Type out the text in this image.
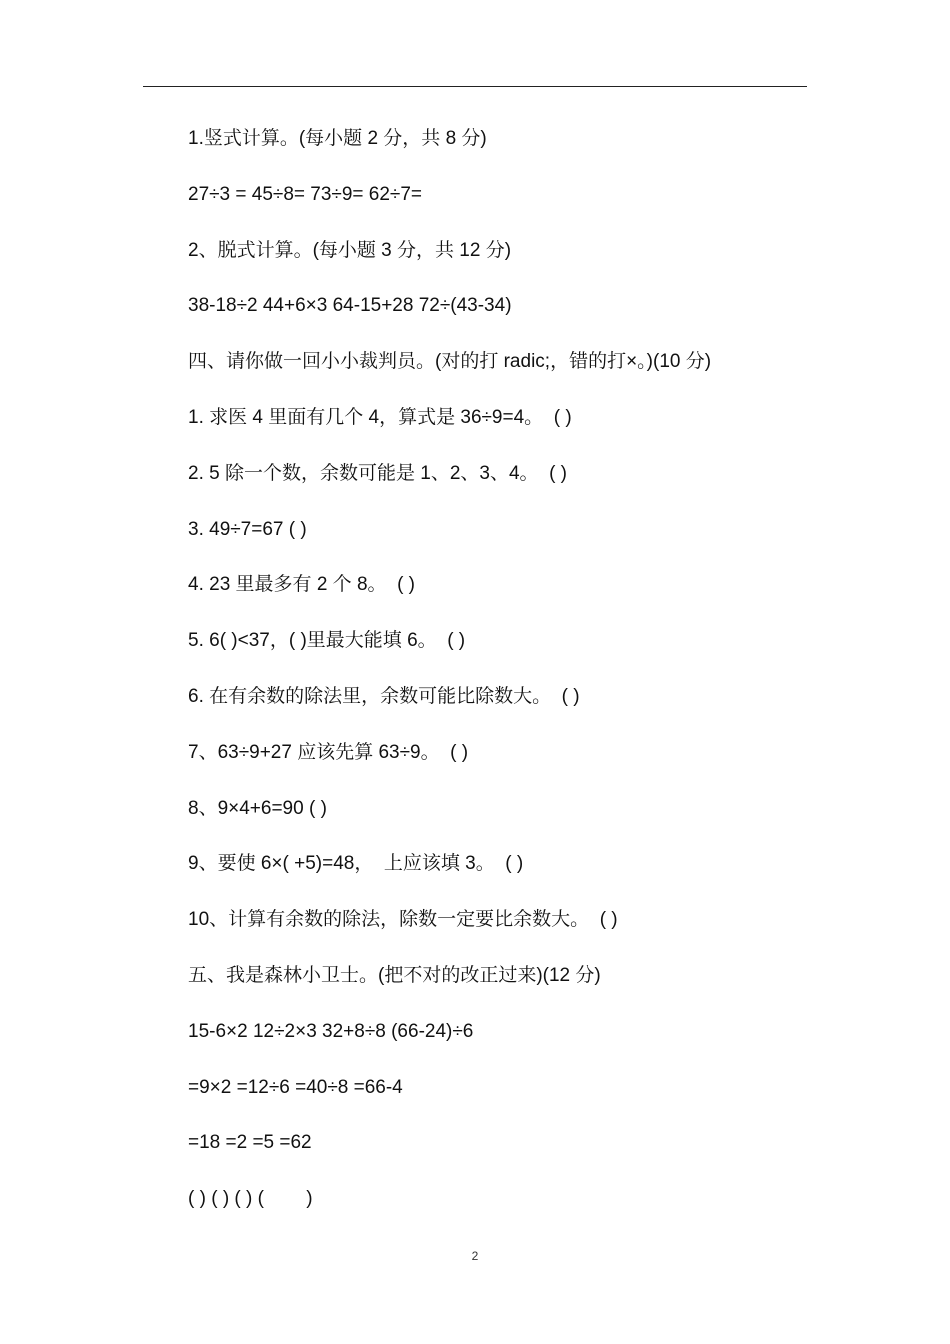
1.竖式计算。(每小题 2 分，共 8 分)
27÷3 = 45÷8= 73÷9= 62÷7=
2、脱式计算。(每小题 3 分，共 12 分)
38-18÷2 44+6×3 64-15+28 72÷(43-34)
四、请你做一回小小裁判员。(对的打 radic;，错的打×。)(10 分)
1. 求医 4 里面有几个 4，算式是 36÷9=4。  ( )
2. 5 除一个数，余数可能是 1、2、3、4。  ( )
3. 49÷7=67 ( )
4. 23 里最多有 2 个 8。  ( )
5. 6( )<37，( )里最大能填 6。  ( )
6. 在有余数的除法里，余数可能比除数大。  ( )
7、63÷9+27 应该先算 63÷9。  ( )
8、9×4+6=90 ( )
9、要使 6×( +5)=48，  上应该填 3。  ( )
10、计算有余数的除法，除数一定要比余数大。  ( )
五、我是森林小卫士。(把不对的改正过来)(12 分)
15-6×2 12÷2×3 32+8÷8 (66-24)÷6
=9×2 =12÷6 =40÷8 =66-4
=18 =2 =5 =62
( ) ( ) ( ) (        )
2
